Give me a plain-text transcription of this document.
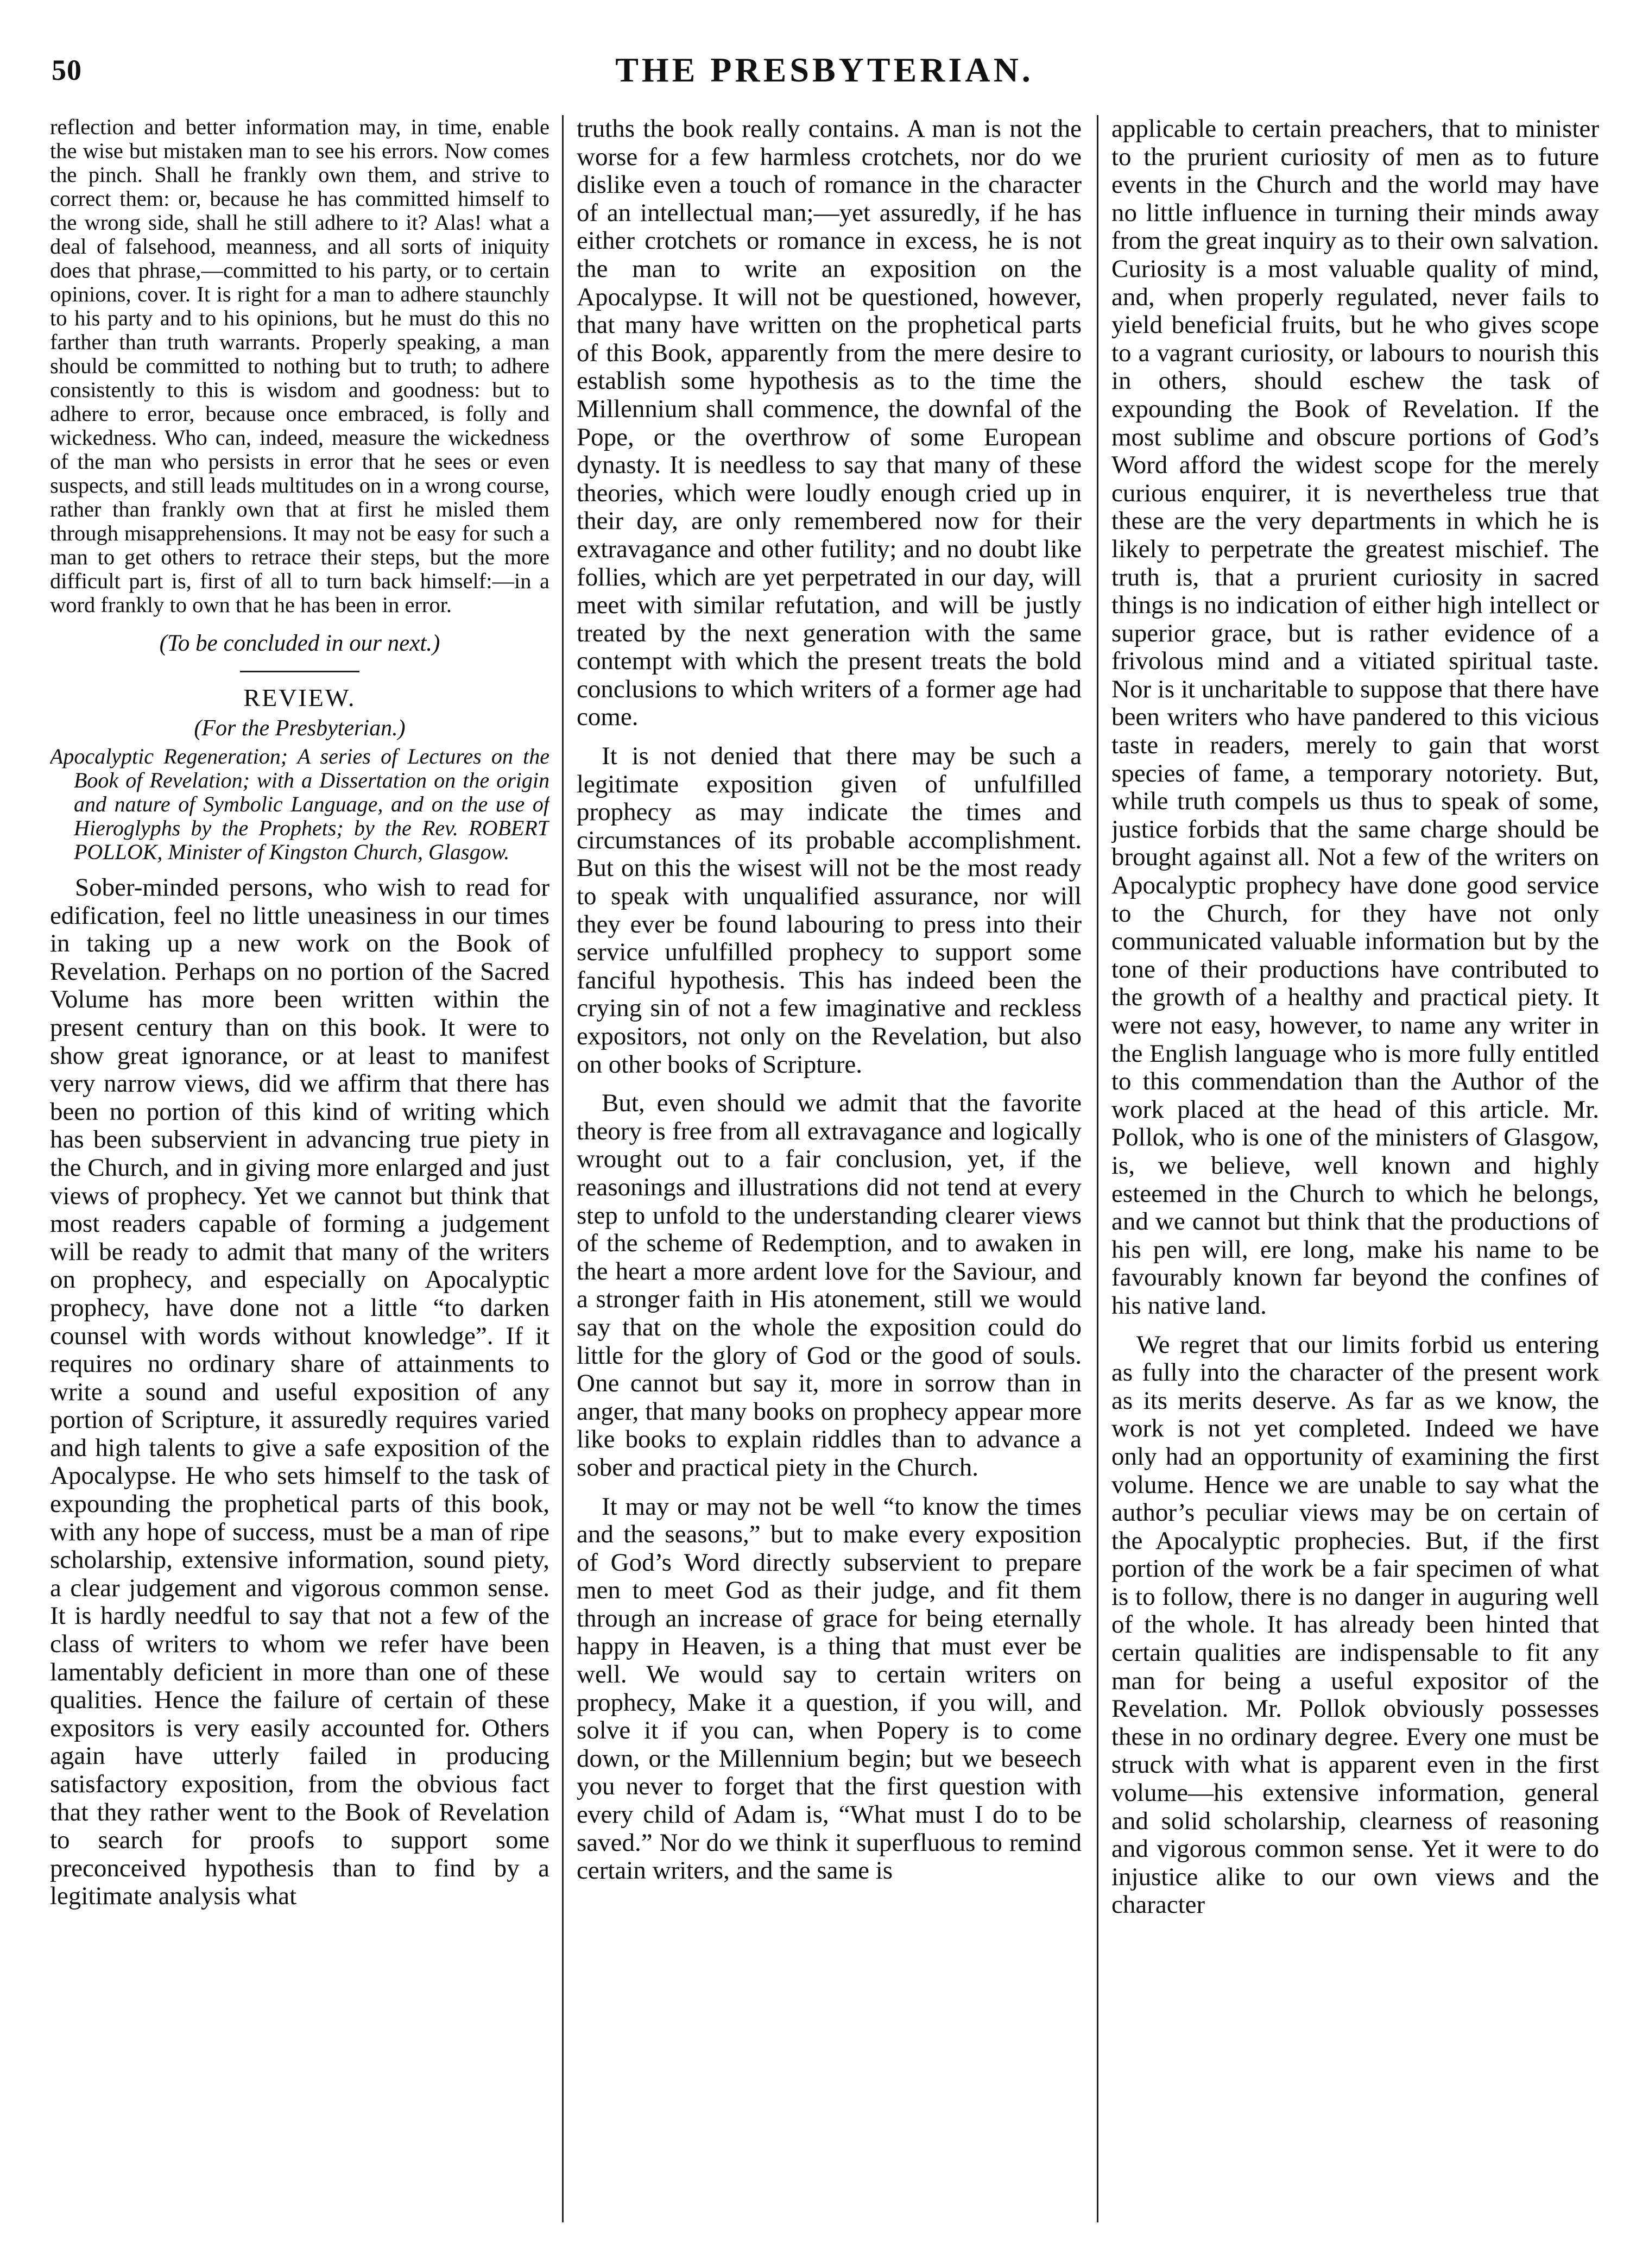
50	THE PRESBYTERIAN.

reflection and better information may, in time, enable the wise but mistaken man to see his errors. Now comes the pinch. Shall he frankly own them, and strive to correct them: or, because he has committed himself to the wrong side, shall he still adhere to it? Alas! what a deal of falsehood, meanness, and all sorts of iniquity does that phrase,—committed to his party, or to certain opinions, cover. It is right for a man to adhere staunchly to his party and to his opinions, but he must do this no farther than truth warrants. Properly speaking, a man should be committed to nothing but to truth; to adhere consistently to this is wisdom and goodness: but to adhere to error, because once embraced, is folly and wickedness. Who can, indeed, measure the wickedness of the man who persists in error that he sees or even suspects, and still leads multitudes on in a wrong course, rather than frankly own that at first he misled them through misapprehensions. It may not be easy for such a man to get others to retrace their steps, but the more difficult part is, first of all to turn back himself:—in a word frankly to own that he has been in error.

(To be concluded in our next.)

REVIEW.
(For the Presbyterian.)

Apocalyptic Regeneration; A series of Lectures on the Book of Revelation; with a Dissertation on the origin and nature of Symbolic Language, and on the use of Hieroglyphs by the Prophets; by the Rev. ROBERT POLLOK, Minister of Kingston Church, Glasgow.

Sober-minded persons, who wish to read for edification, feel no little uneasiness in our times in taking up a new work on the Book of Revelation. Perhaps on no portion of the Sacred Volume has more been written within the present century than on this book. It were to show great ignorance, or at least to manifest very narrow views, did we affirm that there has been no portion of this kind of writing which has been subservient in advancing true piety in the Church, and in giving more enlarged and just views of prophecy. Yet we cannot but think that most readers capable of forming a judgement will be ready to admit that many of the writers on prophecy, and especially on Apocalyptic prophecy, have done not a little “to darken counsel with words without knowledge”. If it requires no ordinary share of attainments to write a sound and useful exposition of any portion of Scripture, it assuredly requires varied and high talents to give a safe exposition of the Apocalypse. He who sets himself to the task of expounding the prophetical parts of this book, with any hope of success, must be a man of ripe scholarship, extensive information, sound piety, a clear judgement and vigorous common sense. It is hardly needful to say that not a few of the class of writers to whom we refer have been lamentably deficient in more than one of these qualities. Hence the failure of certain of these expositors is very easily accounted for. Others again have utterly failed in producing satisfactory exposition, from the obvious fact that they rather went to the Book of Revelation to search for proofs to support some preconceived hypothesis than to find by a legitimate analysis what

truths the book really contains. A man is not the worse for a few harmless crotchets, nor do we dislike even a touch of romance in the character of an intellectual man;—yet assuredly, if he has either crotchets or romance in excess, he is not the man to write an exposition on the Apocalypse. It will not be questioned, however, that many have written on the prophetical parts of this Book, apparently from the mere desire to establish some hypothesis as to the time the Millennium shall commence, the downfal of the Pope, or the overthrow of some European dynasty. It is needless to say that many of these theories, which were loudly enough cried up in their day, are only remembered now for their extravagance and other futility; and no doubt like follies, which are yet perpetrated in our day, will meet with similar refutation, and will be justly treated by the next generation with the same contempt with which the present treats the bold conclusions to which writers of a former age had come.

It is not denied that there may be such a legitimate exposition given of unfulfilled prophecy as may indicate the times and circumstances of its probable accomplishment. But on this the wisest will not be the most ready to speak with unqualified assurance, nor will they ever be found labouring to press into their service unfulfilled prophecy to support some fanciful hypothesis. This has indeed been the crying sin of not a few imaginative and reckless expositors, not only on the Revelation, but also on other books of Scripture.

But, even should we admit that the favorite theory is free from all extravagance and logically wrought out to a fair conclusion, yet, if the reasonings and illustrations did not tend at every step to unfold to the understanding clearer views of the scheme of Redemption, and to awaken in the heart a more ardent love for the Saviour, and a stronger faith in His atonement, still we would say that on the whole the exposition could do little for the glory of God or the good of souls. One cannot but say it, more in sorrow than in anger, that many books on prophecy appear more like books to explain riddles than to advance a sober and practical piety in the Church.

It may or may not be well “to know the times and the seasons,” but to make every exposition of God’s Word directly subservient to prepare men to meet God as their judge, and fit them through an increase of grace for being eternally happy in Heaven, is a thing that must ever be well. We would say to certain writers on prophecy, Make it a question, if you will, and solve it if you can, when Popery is to come down, or the Millennium begin; but we beseech you never to forget that the first question with every child of Adam is, “What must I do to be saved.” Nor do we think it superfluous to remind certain writers, and the same is

applicable to certain preachers, that to minister to the prurient curiosity of men as to future events in the Church and the world may have no little influence in turning their minds away from the great inquiry as to their own salvation. Curiosity is a most valuable quality of mind, and, when properly regulated, never fails to yield beneficial fruits, but he who gives scope to a vagrant curiosity, or labours to nourish this in others, should eschew the task of expounding the Book of Revelation. If the most sublime and obscure portions of God’s Word afford the widest scope for the merely curious enquirer, it is nevertheless true that these are the very departments in which he is likely to perpetrate the greatest mischief. The truth is, that a prurient curiosity in sacred things is no indication of either high intellect or superior grace, but is rather evidence of a frivolous mind and a vitiated spiritual taste. Nor is it uncharitable to suppose that there have been writers who have pandered to this vicious taste in readers, merely to gain that worst species of fame, a temporary notoriety. But, while truth compels us thus to speak of some, justice forbids that the same charge should be brought against all. Not a few of the writers on Apocalyptic prophecy have done good service to the Church, for they have not only communicated valuable information but by the tone of their productions have contributed to the growth of a healthy and practical piety. It were not easy, however, to name any writer in the English language who is more fully entitled to this commendation than the Author of the work placed at the head of this article. Mr. Pollok, who is one of the ministers of Glasgow, is, we believe, well known and highly esteemed in the Church to which he belongs, and we cannot but think that the productions of his pen will, ere long, make his name to be favourably known far beyond the confines of his native land.

We regret that our limits forbid us entering as fully into the character of the present work as its merits deserve. As far as we know, the work is not yet completed. Indeed we have only had an opportunity of examining the first volume. Hence we are unable to say what the author’s peculiar views may be on certain of the Apocalyptic prophecies. But, if the first portion of the work be a fair specimen of what is to follow, there is no danger in auguring well of the whole. It has already been hinted that certain qualities are indispensable to fit any man for being a useful expositor of the Revelation. Mr. Pollok obviously possesses these in no ordinary degree. Every one must be struck with what is apparent even in the first volume—his extensive information, general and solid scholarship, clearness of reasoning and vigorous common sense. Yet it were to do injustice alike to our own views and the character
